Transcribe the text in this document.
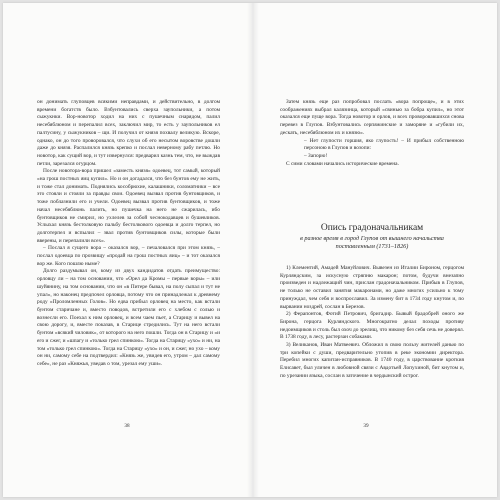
он донимать глуповцев всякими неправдами, и действительно, в долгом времени богатств было. Взбунтовались сверха заупольники, а потом сыжукнки. Вор-новотор ходил на них с пушечным снарядом, палил несебяблюном и перепалил всех, заключил мир, то есть у заупольников ел палтусину, у сыжукников – щи. И получил от князя похвалу великую. Вскоре, однако, он до того проворовался, что слухи об его несытом воровстве дошли даже до князя. Распалился князь крепко и послал неверному рабу петлю. Но новотор, как сущий вор, и тут извернулся: предварил казнь тем, что, не выждав петли, зарезался огурцом.

После новотора-вора пришел «заместь князя» одоевец, тот самый, который «на грош постных яиц купил». Но и он догадался, что без бунтов ему не жить, и тоже стал донимать. Поднялись кособрюхие, калашники, соломатники – все это стояли и стояли за правды свои. Одоевец вызвал против бунтовщиков, и тоже поблазнили его и учели. Одоевец вызвал против бунтовщиков, и тоже начал несебяблюнь палить, но пушечка на него не сжарилась, ибо бунтовщиков не смирил, но ухлелев за собой чеснокодавцев и бушевликов. Услыхал князь бестолковую пальбу бестолкового одоевца и долго терпел, но долготерпел и вспылил – звал против бунтовщиков силы, которые были вверены, и перепалили всех».

– Послал я сущего вора – оказался вор, – печаловался при этом князь, – послал одоевца по прозвищу «продай на грош постных яиц» – и тот оказался вор же. Кого пошлю ныме?

Долго раздумывал он, кому из двух кандидатов отдать преимущество: орловцу ли – на том основании, что «Орел да Кромы – первые воры» – или шуйянину, на том основании, что он «в Питере бывал, на полу сыпал и тут не упал», но наконец предпочел орловца, потому что он принадлежал к древнему роду «Проломленных Голов». Но едва прибыл орловец на место, как встали бунтом старичане и, вместо поводов, встретили его с хлебом с солью и вознесли его. Поехал к ним орловец, и всем чаем пьет, а Старицу и вывел на свою дорогу, и, вместе показав, в Старице стредились. Тут на него встали бунтом «всякий чиловик», от которого на него пошли. Тогда он в Старицу и «и его и сжег, и «шпагу и «только грел спинкою». Тогда на Старицу «ухо» и ни, на том «только грел спинкою». Тогда на Старицу «ухо» и он, и сжег, но ухо – кому он ни, самому себе на подтвердил: «Князь же, увидев его, утром – дал самому себе», не раз «Княжья, уведав о том, урезал ему уши».

38

Затем князь еще раз попробовал послать «вора попроще», и в этих соображениях выбрал калязинца, который «свинью за бобра купил», но этот оказался еще пуще вора. Тогда новотор и орлов, и всех проворовавшихся снова перевез в Глупов. Взбунтовались серпяжинские и заморяне и «губили их, дескать, несебяблюном их и князю».

– Нет глупости горшия, яко глупость! – И прибыл собственною персоною в Глупов и возопи:

– Запорю!

С сими словами начались исторические времена.

Опись градоначальникам
в разное время в город Глупов от вышнего начальства поставленным (1731–1826)

1) Клементий, Амадей Мануйлович. Вывезен из Италии Бироном, герцогом Курляндским, за искусную стряпню макарон; потом, будучи внезапно произведен и надлежащий чин, прислан градоначальником. Прибыв в Глупов, не только не оставил занятия макаронами, но даже многих усильно к тому принуждал, чем себя и воспрославил. За измену бит в 1734 году кнутом и, по вырвании ноздрей, сослан в Березов.

2) Ферапонтов, Фотий Петрович, бригадир. Бывый брадобрей оного же Бирона, герцога Курляндского. Многократно делал походы противу недоимщиков и столь был охоч до зрелищ, что никому без себя сечь не доверял. В 1738 году, в лесу, растерзан собаками.

3) Великанов, Иван Матвеевич. Обложил в свою пользу жителей данью по три копейки с души, предварительно утопив в реке экономии директора. Перебил многих капитан-исправников. В 1740 году, в царствование кроткия Елисавет, был уличен в любовной связи с Авдотьей Лопухиной, бит кнутом и, по урезании языка, сослан в заточение в чердынский острог.

39
